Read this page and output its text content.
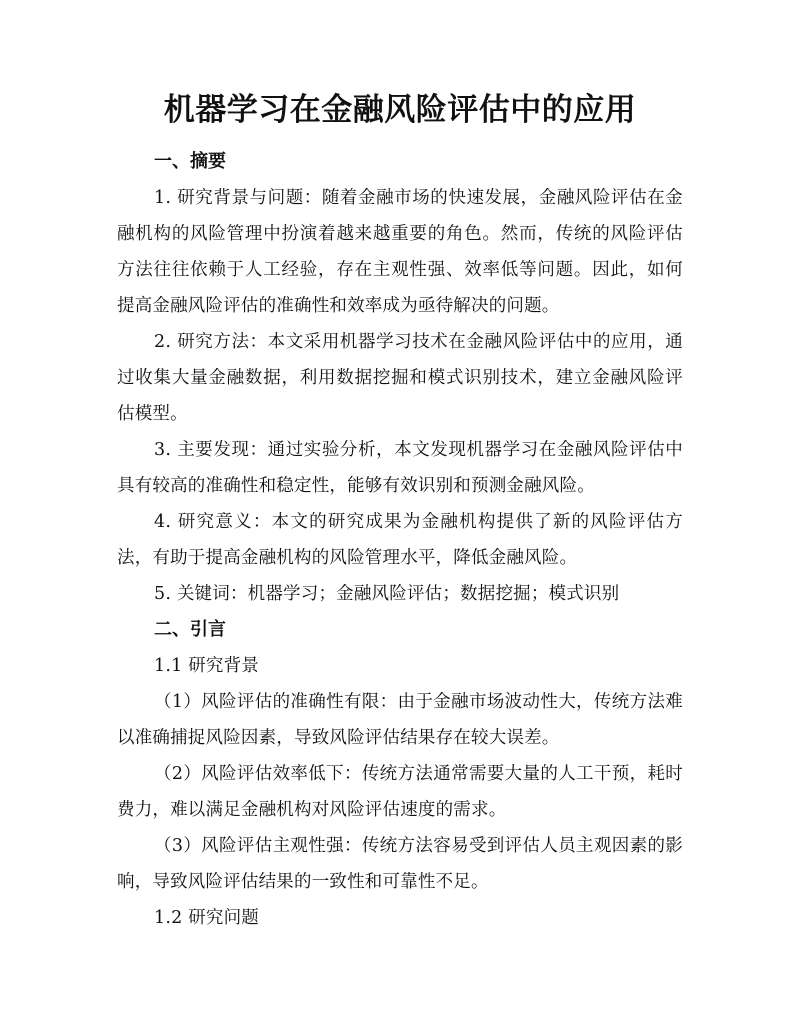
机器学习在金融风险评估中的应用

一、摘要

1. 研究背景与问题：随着金融市场的快速发展，金融风险评估在金融机构的风险管理中扮演着越来越重要的角色。然而，传统的风险评估方法往往依赖于人工经验，存在主观性强、效率低等问题。因此，如何提高金融风险评估的准确性和效率成为亟待解决的问题。

2. 研究方法：本文采用机器学习技术在金融风险评估中的应用，通过收集大量金融数据，利用数据挖掘和模式识别技术，建立金融风险评估模型。

3. 主要发现：通过实验分析，本文发现机器学习在金融风险评估中具有较高的准确性和稳定性，能够有效识别和预测金融风险。

4. 研究意义：本文的研究成果为金融机构提供了新的风险评估方法，有助于提高金融机构的风险管理水平，降低金融风险。

5. 关键词：机器学习；金融风险评估；数据挖掘；模式识别

二、引言

1.1 研究背景

（1）风险评估的准确性有限：由于金融市场波动性大，传统方法难以准确捕捉风险因素，导致风险评估结果存在较大误差。

（2）风险评估效率低下：传统方法通常需要大量的人工干预，耗时费力，难以满足金融机构对风险评估速度的需求。

（3）风险评估主观性强：传统方法容易受到评估人员主观因素的影响，导致风险评估结果的一致性和可靠性不足。

1.2 研究问题
